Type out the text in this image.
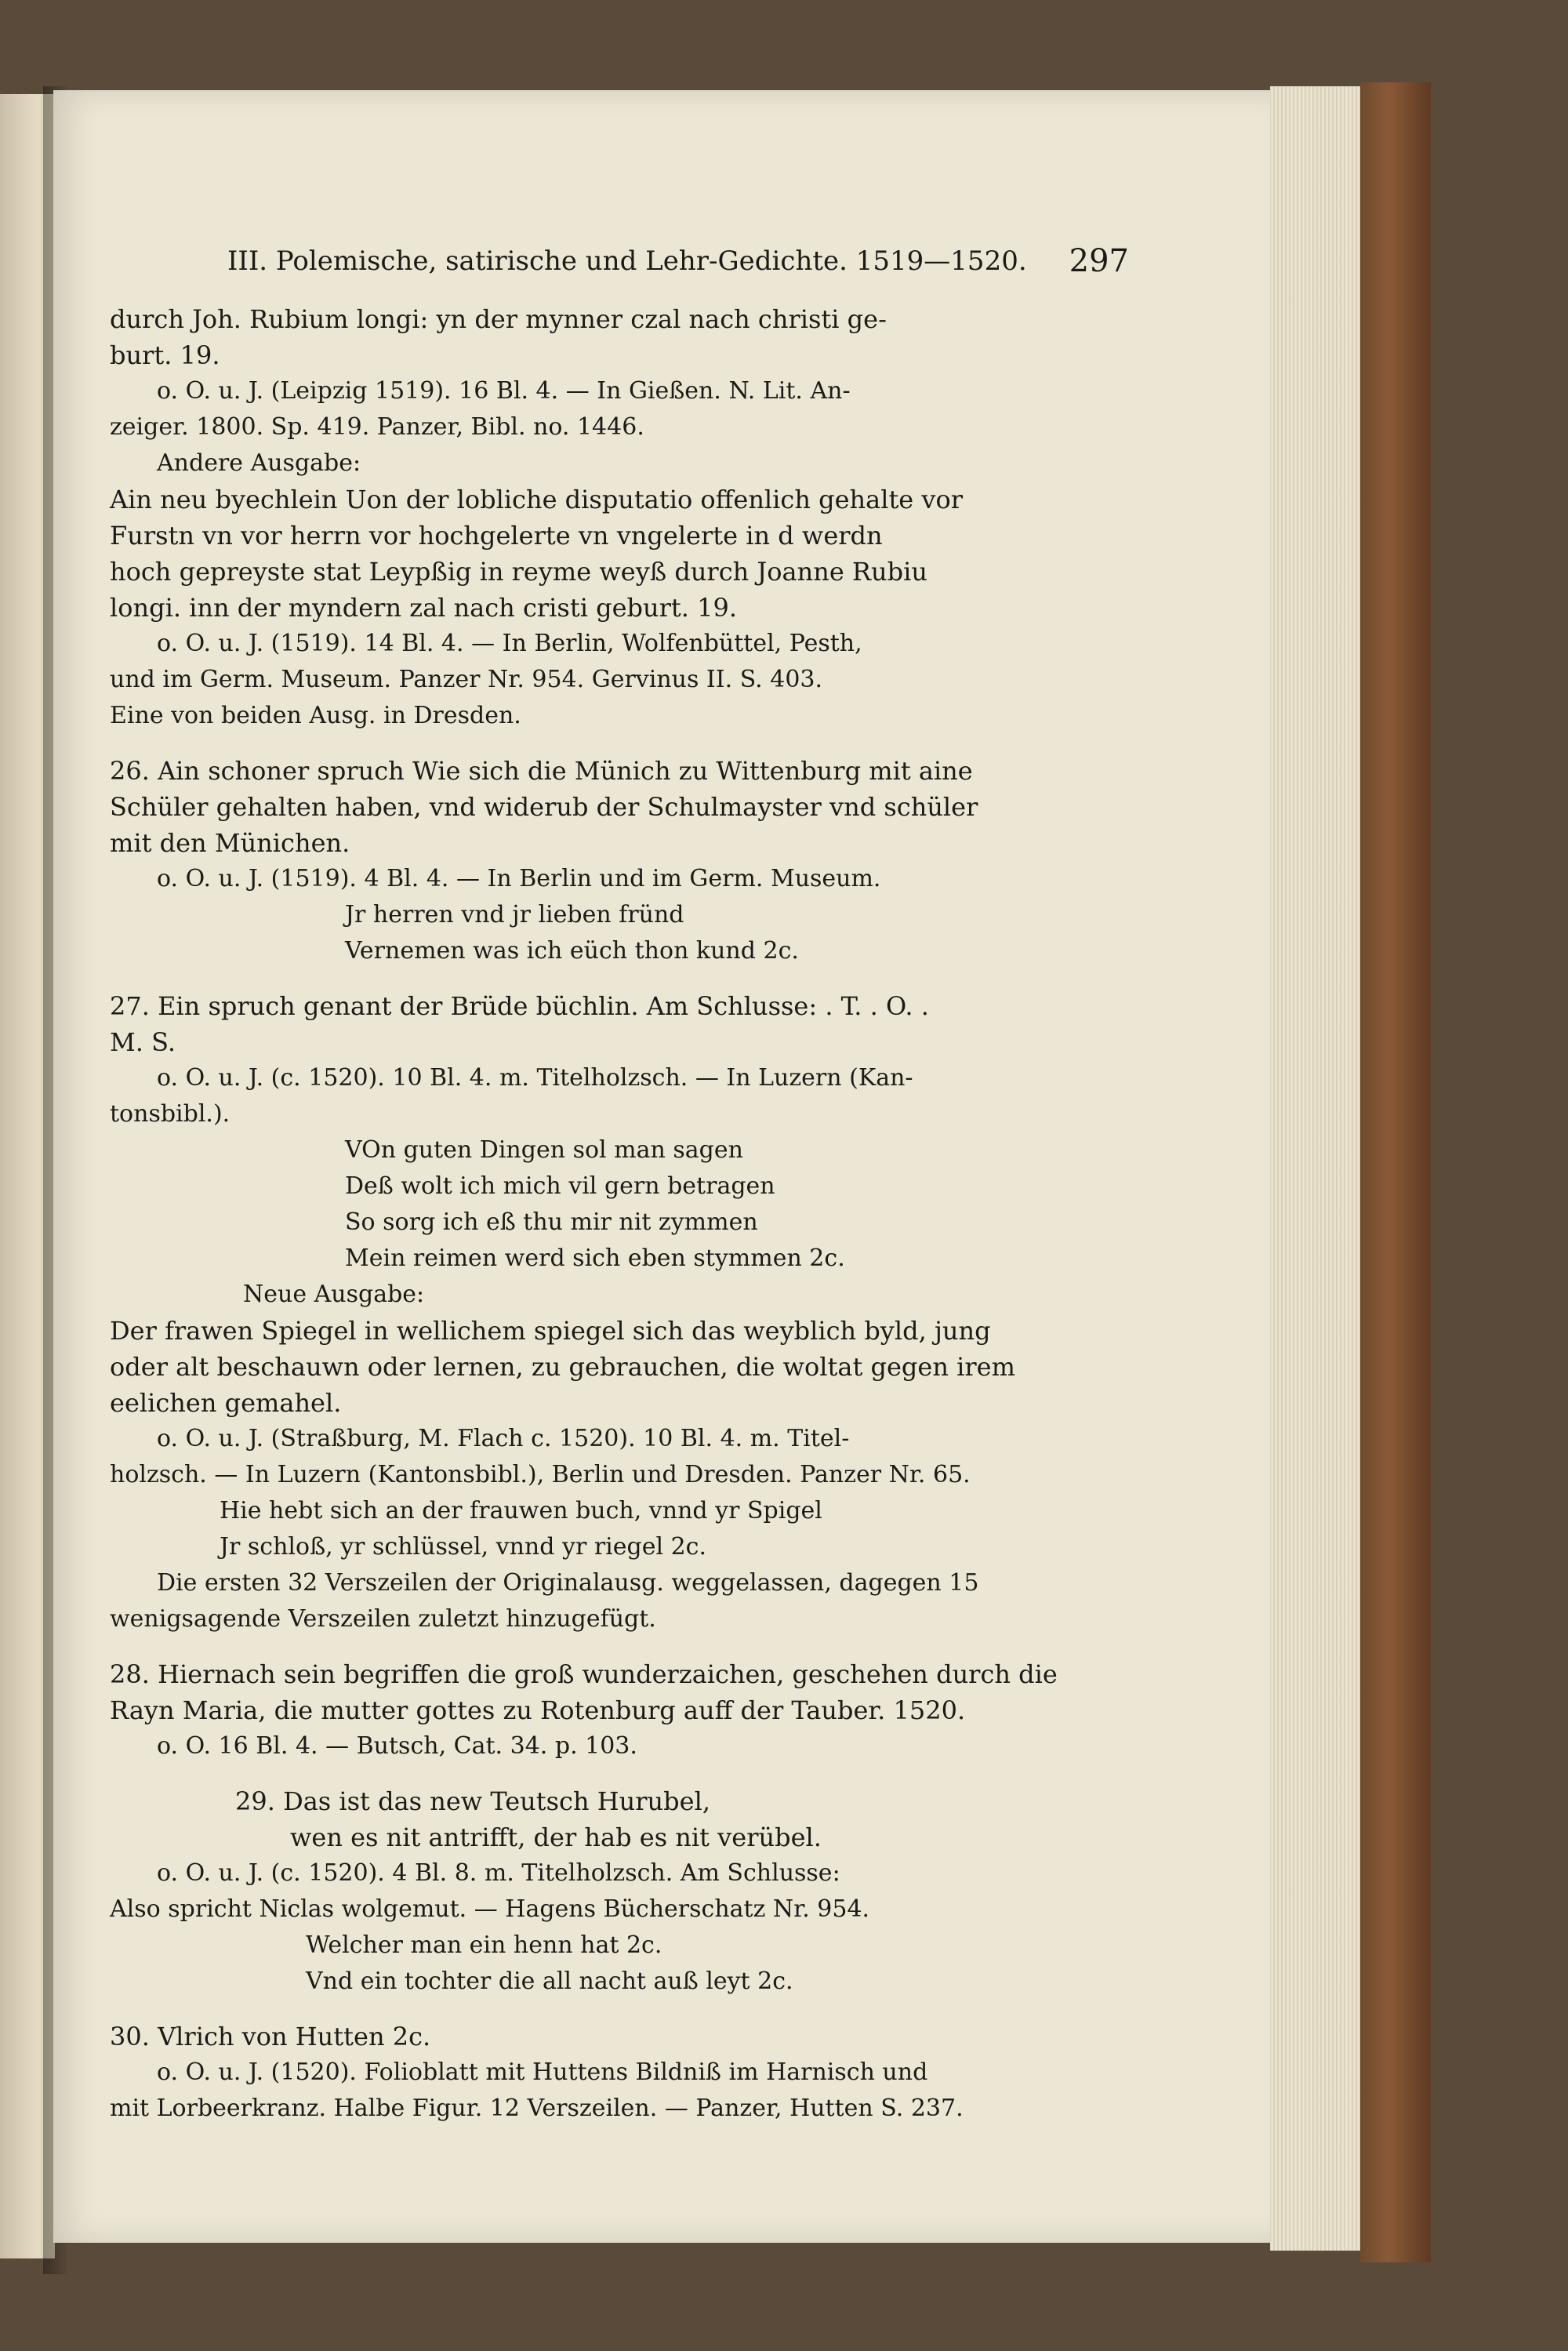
III. Polemische, satirische und Lehr-Gedichte. 1519—1520. 297

durch Joh. Rubium longi: yn der mynner czal nach christi ge-

burt. 19.

o. O. u. J. (Leipzig 1519). 16 Bl. 4. — In Gießen. N. Lit. An-

zeiger. 1800. Sp. 419. Panzer, Bibl. no. 1446.

Andere Ausgabe:

Ain neu byechlein Uon der lobliche disputatio offenlich gehalte vor

Furstn vn vor herrn vor hochgelerte vn vngelerte in d werdn

hoch gepreyste stat Leypßig in reyme weyß durch Joanne Rubiu

longi. inn der myndern zal nach cristi geburt. 19.

o. O. u. J. (1519). 14 Bl. 4. — In Berlin, Wolfenbüttel, Pesth,

und im Germ. Museum. Panzer Nr. 954. Gervinus II. S. 403.

Eine von beiden Ausg. in Dresden.

26. Ain schoner spruch Wie sich die Münich zu Wittenburg mit aine

Schüler gehalten haben, vnd widerub der Schulmayster vnd schüler

mit den Münichen.

o. O. u. J. (1519). 4 Bl. 4. — In Berlin und im Germ. Museum.

Jr herren vnd jr lieben fründ

Vernemen was ich eüch thon kund 2c.

27. Ein spruch genant der Brüde büchlin. Am Schlusse: . T. . O. .

M. S.

o. O. u. J. (c. 1520). 10 Bl. 4. m. Titelholzsch. — In Luzern (Kan-

tonsbibl.).

VOn guten Dingen sol man sagen

Deß wolt ich mich vil gern betragen

So sorg ich eß thu mir nit zymmen

Mein reimen werd sich eben stymmen 2c.

Neue Ausgabe:

Der frawen Spiegel in wellichem spiegel sich das weyblich byld, jung

oder alt beschauwn oder lernen, zu gebrauchen, die woltat gegen irem

eelichen gemahel.

o. O. u. J. (Straßburg, M. Flach c. 1520). 10 Bl. 4. m. Titel-

holzsch. — In Luzern (Kantonsbibl.), Berlin und Dresden. Panzer Nr. 65.

Hie hebt sich an der frauwen buch, vnnd yr Spigel

Jr schloß, yr schlüssel, vnnd yr riegel 2c.

Die ersten 32 Verszeilen der Originalausg. weggelassen, dagegen 15

wenigsagende Verszeilen zuletzt hinzugefügt.

28. Hiernach sein begriffen die groß wunderzaichen, geschehen durch die

Rayn Maria, die mutter gottes zu Rotenburg auff der Tauber. 1520.

o. O. 16 Bl. 4. — Butsch, Cat. 34. p. 103.

29. Das ist das new Teutsch Hurubel,

wen es nit antrifft, der hab es nit verübel.

o. O. u. J. (c. 1520). 4 Bl. 8. m. Titelholzsch. Am Schlusse:

Also spricht Niclas wolgemut. — Hagens Bücherschatz Nr. 954.

Welcher man ein henn hat 2c.

Vnd ein tochter die all nacht auß leyt 2c.

30. Vlrich von Hutten 2c.

o. O. u. J. (1520). Folioblatt mit Huttens Bildniß im Harnisch und

mit Lorbeerkranz. Halbe Figur. 12 Verszeilen. — Panzer, Hutten S. 237.
